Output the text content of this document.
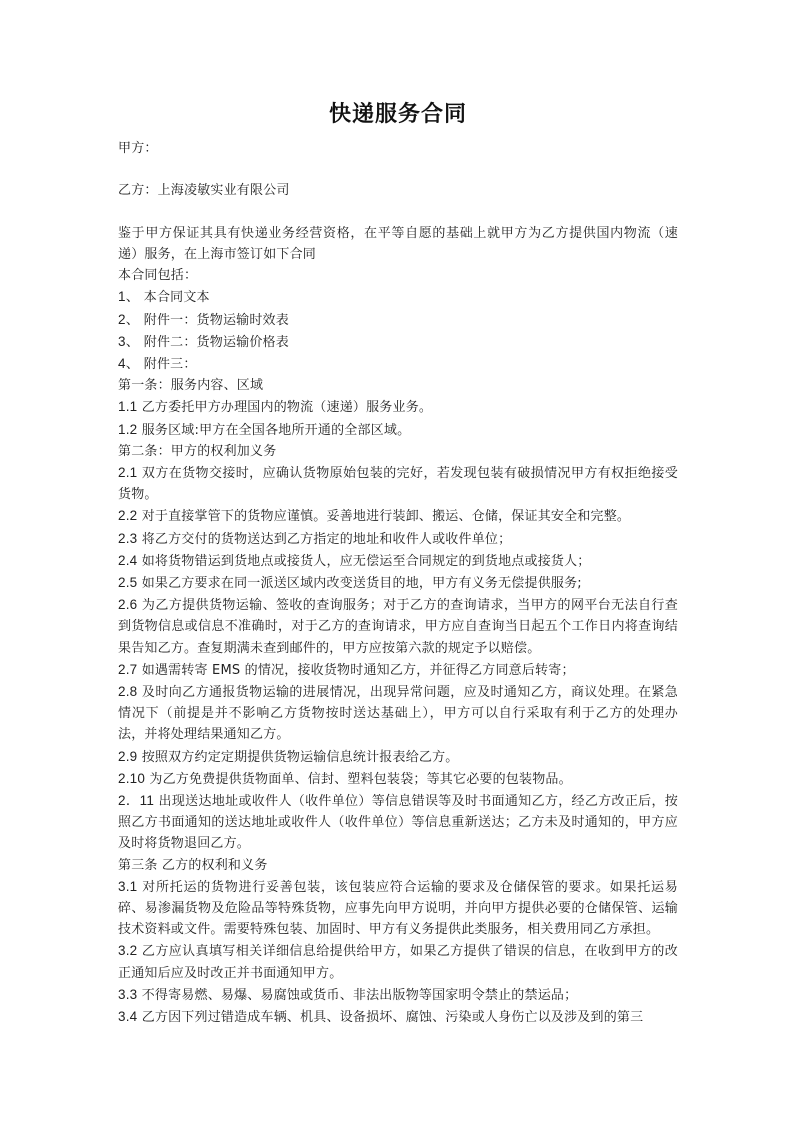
快递服务合同

甲方：

乙方：上海凌敏实业有限公司

鉴于甲方保证其具有快递业务经营资格，在平等自愿的基础上就甲方为乙方提供国内物流（速递）服务，在上海市签订如下合同

本合同包括：

1、 本合同文本

2、 附件一：货物运输时效表

3、 附件二：货物运输价格表

4、 附件三：

第一条：服务内容、区域

1.1 乙方委托甲方办理国内的物流（速递）服务业务。

1.2 服务区域:甲方在全国各地所开通的全部区域。

第二条：甲方的权利加义务

2.1 双方在货物交接时，应确认货物原始包装的完好，若发现包装有破损情况甲方有权拒绝接受货物。

2.2 对于直接掌管下的货物应谨慎。妥善地进行装卸、搬运、仓储，保证其安全和完整。

2.3 将乙方交付的货物送达到乙方指定的地址和收件人或收件单位；

2.4 如将货物错运到货地点或接货人，应无偿运至合同规定的到货地点或接货人；

2.5 如果乙方要求在同一派送区域内改变送货目的地，甲方有义务无偿提供服务;

2.6 为乙方提供货物运输、签收的查询服务；对于乙方的查询请求，当甲方的网平台无法自行查到货物信息或信息不准确时，对于乙方的查询请求，甲方应自查询当日起五个工作日内将查询结果告知乙方。查复期满未查到邮件的，甲方应按第六款的规定予以赔偿。

2.7 如遇需转寄 EMS 的情况，接收货物时通知乙方，并征得乙方同意后转寄；

2.8 及时向乙方通报货物运输的进展情况，出现异常问题，应及时通知乙方，商议处理。在紧急情况下（前提是并不影响乙方货物按时送达基础上），甲方可以自行采取有利于乙方的处理办法，并将处理结果通知乙方。

2.9 按照双方约定定期提供货物运输信息统计报表给乙方。

2.10 为乙方免费提供货物面单、信封、塑料包装袋；等其它必要的包装物品。

2．11 出现送达地址或收件人（收件单位）等信息错误等及时书面通知乙方，经乙方改正后，按照乙方书面通知的送达地址或收件人（收件单位）等信息重新送达；乙方未及时通知的，甲方应及时将货物退回乙方。

第三条 乙方的权利和义务

3.1 对所托运的货物进行妥善包装，该包装应符合运输的要求及仓储保管的要求。如果托运易碎、易渗漏货物及危险品等特殊货物，应事先向甲方说明，并向甲方提供必要的仓储保管、运输技术资料或文件。需要特殊包装、加固时、甲方有义务提供此类服务，相关费用同乙方承担。

3.2 乙方应认真填写相关详细信息给提供给甲方，如果乙方提供了错误的信息，在收到甲方的改正通知后应及时改正并书面通知甲方。

3.3 不得寄易燃、易爆、易腐蚀或货币、非法出版物等国家明令禁止的禁运品；

3.4 乙方因下列过错造成车辆、机具、设备损坏、腐蚀、污染或人身伤亡以及涉及到的第三
